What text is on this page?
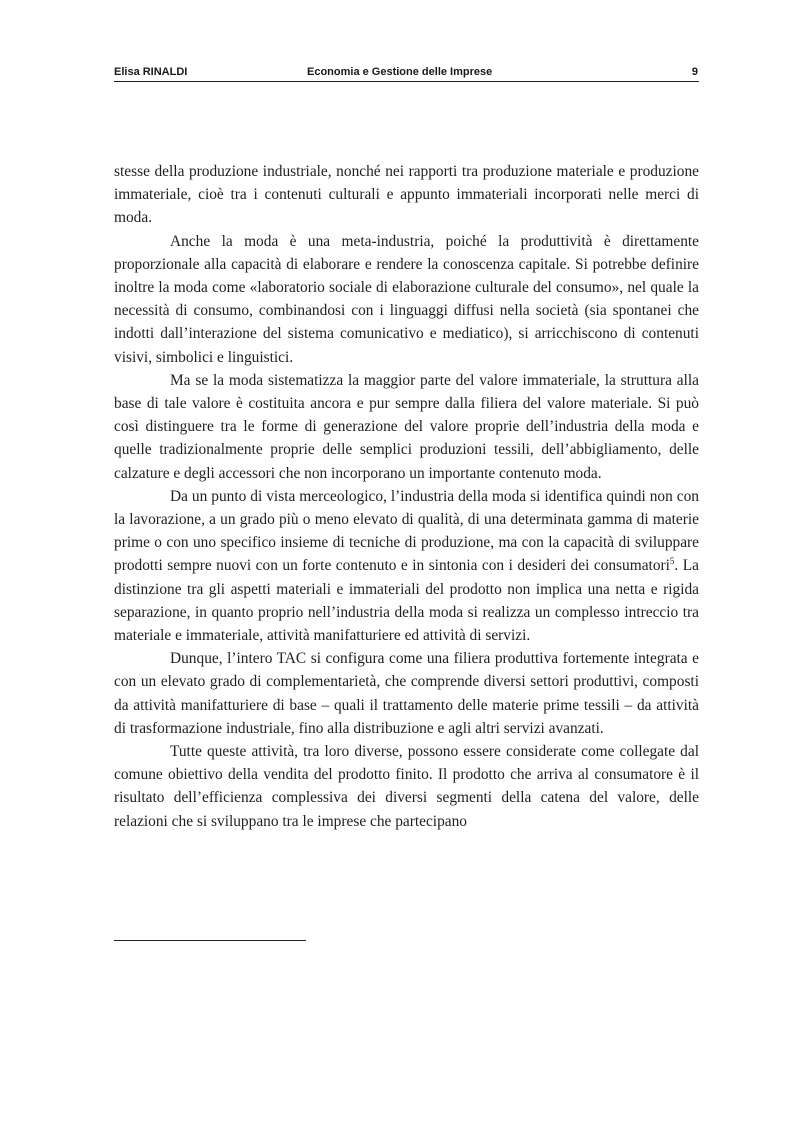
Elisa RINALDI	Economia e Gestione delle Imprese	9

stesse della produzione industriale, nonché nei rapporti tra produzione materiale e produzione immateriale, cioè tra i contenuti culturali e appunto immateriali incorporati nelle merci di moda.

Anche la moda è una meta-industria, poiché la produttività è direttamente proporzionale alla capacità di elaborare e rendere la conoscenza capitale. Si potrebbe definire inoltre la moda come «laboratorio sociale di elaborazione culturale del consumo», nel quale la necessità di consumo, combinandosi con i linguaggi diffusi nella società (sia spontanei che indotti dall’interazione del sistema comunicativo e mediatico), si arricchiscono di contenuti visivi, simbolici e linguistici.

Ma se la moda sistematizza la maggior parte del valore immateriale, la struttura alla base di tale valore è costituita ancora e pur sempre dalla filiera del valore materiale. Si può così distinguere tra le forme di generazione del valore proprie dell’industria della moda e quelle tradizionalmente proprie delle semplici produzioni tessili, dell’abbigliamento, delle calzature e degli accessori che non incorporano un importante contenuto moda.

Da un punto di vista merceologico, l’industria della moda si identifica quindi non con la lavorazione, a un grado più o meno elevato di qualità, di una determinata gamma di materie prime o con uno specifico insieme di tecniche di produzione, ma con la capacità di sviluppare prodotti sempre nuovi con un forte contenuto e in sintonia con i desideri dei consumatori$^5$. La distinzione tra gli aspetti materiali e immateriali del prodotto non implica una netta e rigida separazione, in quanto proprio nell’industria della moda si realizza un complesso intreccio tra materiale e immateriale, attività manifatturiere ed attività di servizi.

Dunque, l’intero TAC si configura come una filiera produttiva fortemente integrata e con un elevato grado di complementarietà, che comprende diversi settori produttivi, composti da attività manifatturiere di base – quali il trattamento delle materie prime tessili – da attività di trasformazione industriale, fino alla distribuzione e agli altri servizi avanzati.

Tutte queste attività, tra loro diverse, possono essere considerate come collegate dal comune obiettivo della vendita del prodotto finito. Il prodotto che arriva al consumatore è il risultato dell’efficienza complessiva dei diversi segmenti della catena del valore, delle relazioni che si sviluppano tra le imprese che partecipano
